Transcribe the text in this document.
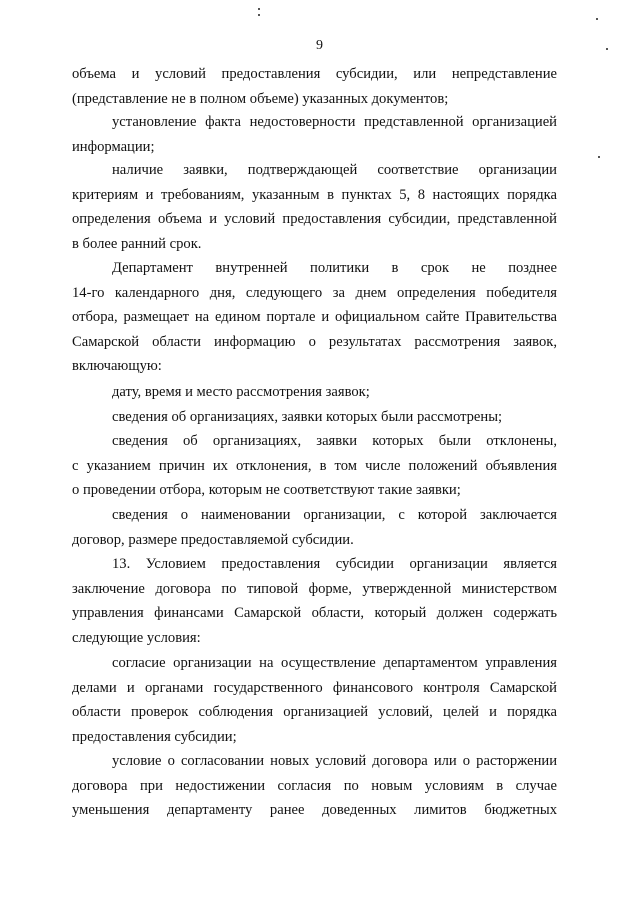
9
объема и условий предоставления субсидии, или непредставление
(представление не в полном объеме) указанных документов;
установление факта недостоверности представленной организацией
информации;
наличие заявки, подтверждающей соответствие организации
критериям и требованиям, указанным в пунктах 5, 8 настоящих порядка
определения объема и условий предоставления субсидии, представленной
в более ранний срок.
Департамент внутренней политики в срок не позднее
14-го календарного дня, следующего за днем определения победителя
отбора, размещает на едином портале и официальном сайте Правительства
Самарской области информацию о результатах рассмотрения заявок,
включающую:
дату, время и место рассмотрения заявок;
сведения об организациях, заявки которых были рассмотрены;
сведения об организациях, заявки которых были отклонены,
с указанием причин их отклонения, в том числе положений объявления
о проведении отбора, которым не соответствуют такие заявки;
сведения о наименовании организации, с которой заключается
договор, размере предоставляемой субсидии.
13. Условием предоставления субсидии организации является
заключение договора по типовой форме, утвержденной министерством
управления финансами Самарской области, который должен содержать
следующие условия:
согласие организации на осуществление департаментом управления
делами и органами государственного финансового контроля Самарской
области проверок соблюдения организацией условий, целей и порядка
предоставления субсидии;
условие о согласовании новых условий договора или о расторжении
договора при недостижении согласия по новым условиям в случае
уменьшения департаменту ранее доведенных лимитов бюджетных
